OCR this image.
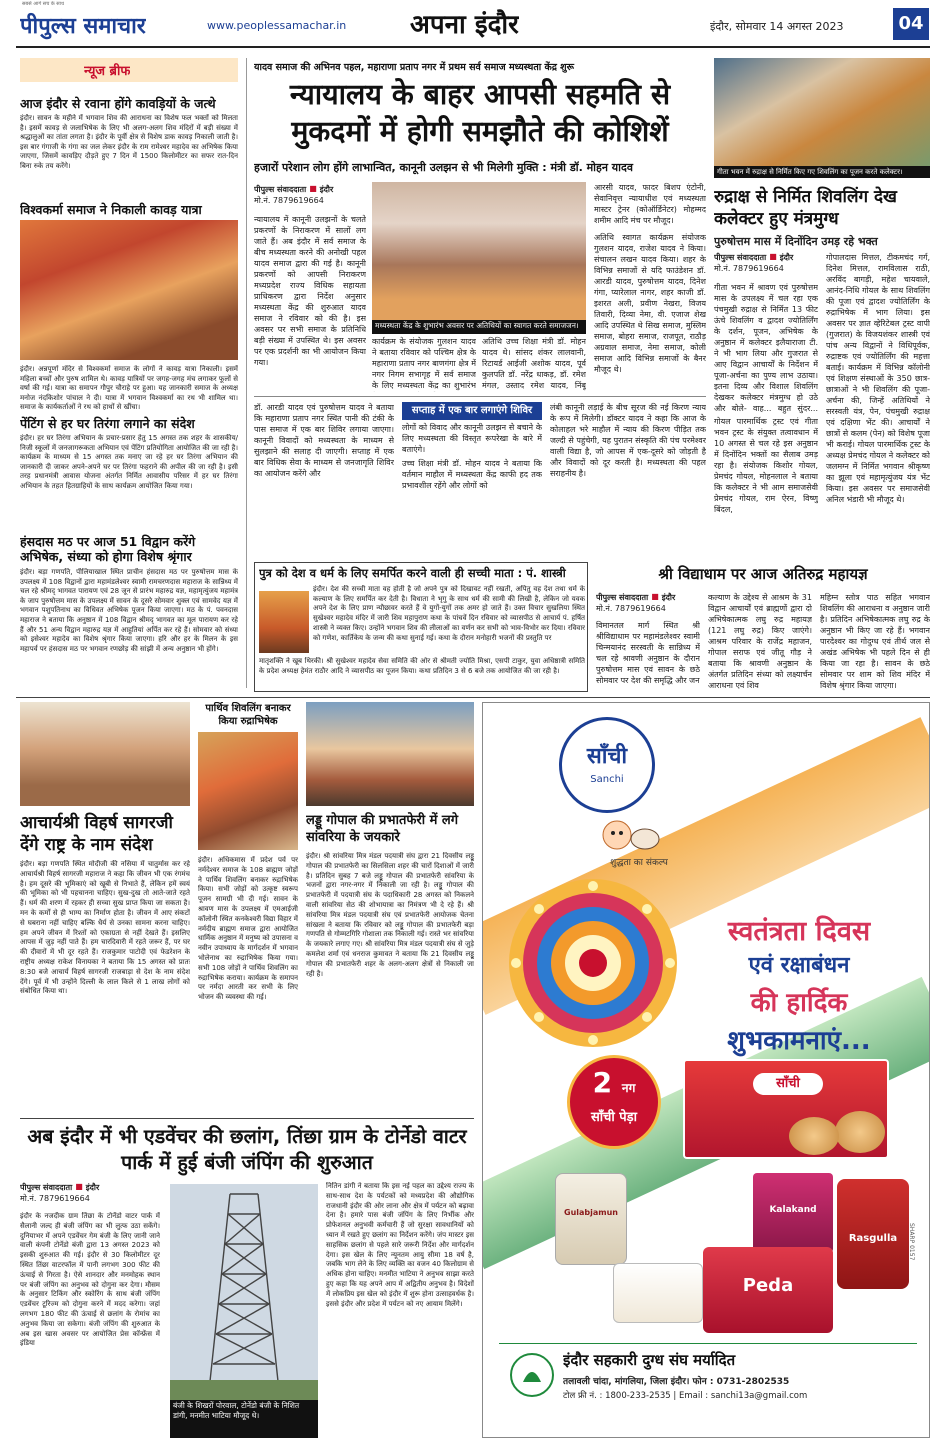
सबसे आगे सच के साथ
पीपुल्स समाचार	www.peoplessamachar.in अपना इंदौर	इंदौर, सोमवार 14 अगस्त 2023	04
न्यूज ब्रीफ
आज इंदौर से रवाना होंगे कावड़ियों के जत्थे
इंदौर। सावन के महीने में भगवान शिव की आराधना का विशेष फल भक्तों को मिलता है। इसमें कावड़ से जलाभिषेक के लिए भी अलग-अलग शिव मंदिरों में बड़ी संख्या में श्रद्धालुओं का तांता लगता है। इंदौर के पूर्वी क्षेत्र से विशेष डाक कावड़ निकाली जाती है। इस बार गंगाजी के गंगा का जल लेकर इंदौर के राम रामेश्वर महादेव का अभिषेक किया जाएगा, जिसमें कावड़िए दौड़ते हुए 7 दिन में 1500 किलोमीटर का सफर रात-दिन बिना रुके तय करेंगे।
विश्वकर्मा समाज ने निकाली कावड़ यात्रा
इंदौर। अन्नपूर्णा मंदिर से विश्वकर्मा समाज के लोगों ने कावड़ यात्रा निकाली। इसमें महिला बच्चों और पुरुष शामिल थे। कावड़ यात्रियों पर जगह-जगह मंच लगाकर फूलों से वर्षा की गई। यात्रा का समापन गौपुर चौराहे पर हुआ। यह जानकारी समाज के अध्यक्ष मनोज नंदकिशोर पांचाल ने दी। यात्रा में भगवान विश्वकर्मा का रथ भी शामिल था। समाज के कार्यकर्ताओं ने रथ को हाथों से खींचा।
पेंटिंग से हर घर तिरंगा लगाने का संदेश
इंदौर। हर घर तिरंगा अभियान के प्रचार-प्रसार हेतु 15 अगस्त तक शहर के शासकीय/निजी स्कूलों में जनजागरूकता अभियान एवं पेंटिंग प्रतियोगिता आयोजित की जा रही है। कार्यक्रम के माध्यम से 15 अगस्त तक मनाए जा रहे हर घर तिरंगा अभियान की जानकारी दी जाकर अपने-अपने घर पर तिरंगा फहराने की अपील की जा रही है। इसी तरह प्रधानमंत्री आवास योजना अंतर्गत निर्मित आवासीय परिसर में हर घर तिरंगा अभियान के तहत हितग्राहियों के साथ कार्यक्रम आयोजित किया गया।
हंसदास मठ पर आज 51 विद्वान करेंगे अभिषेक, संध्या को होगा विशेष श्रृंगार
इंदौर। बड़ा गणपति, पीलियाखाल स्थित प्राचीन हंसदास मठ पर पुरुषोत्तम मास के उपलक्ष्य में 108 विद्वानों द्वारा महामंडलेश्वर स्वामी रामचरणदास महाराज के सान्निध्य में चल रहे श्रीमद् भागवत पारायण एवं 28 जून से प्रारंभ महारुद्र यज्ञ, महामृत्युंजय महामंत्र के जाप पुरुषोत्तम मास के उपलक्ष्य में सावन के दूसरे सोमवार शुक्ल एवं सामवेद यज्ञ में भगवान पशुपतिनाथ का विधिवत अभिषेक पूजन किया जाएगा। मठ के पं. पवनदास महाराज ने बताया कि अनुष्ठान में 108 विद्वान श्रीमद् भागवत का मूल पारायण कर रहे हैं और 51 अन्य विद्वान महारुद्र यज्ञ में आहुतियां अर्पित कर रहे हैं। सोमवार को संध्या को इसेश्वर महादेव का विशेष श्रृंगार किया जाएगा। हरि और हर के मिलन के इस महापर्व पर हंसदास मठ पर भगवान रणछोड़ की सांझी में अन्य अनुष्ठान भी होंगे।
यादव समाज की अभिनव पहल, महाराणा प्रताप नगर में प्रथम सर्व समाज मध्यस्थता केंद्र शुरू
न्यायालय के बाहर आपसी सहमति से मुकदमों में होगी समझौते की कोशिशें
हजारों परेशान लोग होंगे लाभान्वित, कानूनी उलझन से भी मिलेगी मुक्ति : मंत्री डॉ. मोहन यादव
पीपुल्स संवाददाता ■ इंदौर
मो.नं. 7879619664
न्यायालय में कानूनी उलझनों के चलते प्रकरणों के निराकरण में सालों लग जाते हैं। अब इंदौर में सर्व समाज के बीच मध्यस्थता करने की अनोखी पहल यादव समाज द्वारा की गई है। कानूनी प्रकरणों को आपसी निराकरण मध्यप्रदेश राज्य विधिक सहायता प्राधिकरण द्वारा निर्देश अनुसार मध्यस्थता केंद्र की शुरुआत यादव समाज ने रविवार को की है। इस अवसर पर सभी समाज के प्रतिनिधि बड़ी संख्या में उपस्थित थे। इस अवसर पर एक प्रदर्शनी का भी आयोजन किया गया।
मध्यस्थता केंद्र के शुभारंभ अवसर पर अतिथियों का स्वागत करते समाजजन।
कार्यक्रम के संयोजक गुलशन यादव ने बताया रविवार को पश्चिम क्षेत्र के महाराणा प्रताप नगर बाणगंगा क्षेत्र में नगर निगम सभागृह में सर्व समाज के लिए मध्यस्थता केंद्र का शुभारंभ
अतिथि उच्च शिक्षा मंत्री डॉ. मोहन यादव थे। सांसद शंकर लालवानी, रिटायर्ड आईजी अशोक यादव, पूर्व कुलपति डॉ. नरेंद्र धाकड़, डॉ. रमेश मंगल, उस्ताद रमेश यादव, निंबू
आरसी यादव, फादर बिशप एंटोनी, सेवानिवृत्त न्यायाधीश एवं मध्यस्थता मास्टर ट्रेनर (कोऑर्डिनेटर) मोहम्मद शमीम आदि मंच पर मौजूद।
अतिथि स्वागत कार्यक्रम संयोजक गुलशन यादव, राजेश यादव ने किया। संचालन लखन यादव किया। शहर के विभिन्न समाजों से यदि फाउंडेशन डॉ. आरडी यादव, पुरुषोत्तम यादव, दिनेश गंगा, प्यारेलाल नागर, शहर काजी डॉ. इशरत अली, प्रवीण नेखरा, विजय तिवारी, दिव्या नेमा, वी. एजाज शेख आदि उपस्थित थे सिख समाज, मुस्लिम समाज, बोहरा समाज, राजपूत, राठौड़ अग्रवाल समाज, नेमा समाज, कोली समाज आदि विभिन्न समाजों के बैनर मौजूद थे।
डॉ. आरडी यादव एवं पुरुषोत्तम यादव ने बताया कि महाराणा प्रताप नगर स्थित पानी की टंकी के पास समाज में एक बार शिविर लगाया जाएगा। कानूनी विवादों को मध्यस्थता के माध्यम से सुलझाने की सलाह दी जाएगी। सप्ताह में एक बार विधिक सेवा के माध्यम से जनजागृति शिविर का आयोजन करेंगे और
सप्ताह में एक बार लगाएंगे शिविर
लोगों को विवाद और कानूनी उलझन से बचाने के लिए मध्यस्थता की विस्तृत रूपरेखा के बारे में बताएंगे।
उच्च शिक्षा मंत्री डॉ. मोहन यादव ने बताया कि वर्तमान माहौल में मध्यस्थता केंद्र काफी हद तक प्रभावशील रहेंगे और लोगों को
लंबी कानूनी लड़ाई के बीच सूरज की नई किरण न्याय के रूप में मिलेगी। डॉक्टर यादव ने कहा कि आज के कोलाहल भरे माहौल में न्याय की किरण पीड़ित तक जल्दी से पहुंचेगी, यह पुरातन संस्कृति की पंच परमेश्वर वाली विद्या है, जो आपस में एक-दूसरे को जोड़ती है और विवादों को दूर करती है। मध्यस्थता की पहल सराहनीय है।
गीता भवन में रुद्राक्ष से निर्मित किए गए शिवलिंग का पूजन करते कलेक्टर।
रुद्राक्ष से निर्मित शिवलिंग देख कलेक्टर हुए मंत्रमुग्ध
पुरुषोत्तम मास में दिनोंदिन उमड़ रहे भक्त
पीपुल्स संवाददाता ■ इंदौर
मो.नं. 7879619664
गीता भवन में श्रावण एवं पुरुषोत्तम मास के उपलक्ष्य में चल रहा एक पंचमुखी रुद्राक्ष से निर्मित 13 फीट ऊंचे शिवलिंग व द्वादश ज्योतिर्लिंग के दर्शन, पूजन, अभिषेक के अनुष्ठान में कलेक्टर इलैयाराजा टी. ने भी भाग लिया और गुजरात से आए विद्वान आचार्यों के निर्देशन में पूजा-अर्चना का पुण्य लाभ उठाया। इतना दिव्य और विशाल शिवलिंग देखकर कलेक्टर मंत्रमुग्ध हो उठे और बोले- वाह... बहुत सुंदर...
गोयल पारमार्थिक ट्रस्ट एवं गीता भवन ट्रस्ट के संयुक्त तत्वावधान में 10 अगस्त से चल रहे इस अनुष्ठान में दिनोंदिन भक्तों का सैलाब उमड़ रहा है। संयोजक किशोर गोयल, प्रेमचंद गोयल, मोहनलाल ने बताया कि कलेक्टर ने भी आम समाजसेवी प्रेमचंद गोयल, राम ऐरन, विष्णु बिंदल,
गोपालदास मित्तल, टीकमचंद गर्ग, दिनेश मित्तल, रामविलास राठी, अरविंद बागड़ी, महेश चायवाले, आनंद-निधि गोयल के साथ शिवलिंग की पूजा एवं द्वादश ज्योतिर्लिंग के रुद्राभिषेक में भाग लिया। इस अवसर पर ज्ञात व्हेरिटेबल ट्रस्ट वापी (गुजरात) के विजयशंकर शास्त्री एवं पांच अन्य विद्वानों ने विधिपूर्वक, रुद्राष्टक एवं ज्योतिर्लिंग की महत्ता बताई। कार्यक्रम में विभिन्न कॉलोनी एवं शिक्षण संस्थाओं के 350 छात्र-छात्राओं ने भी शिवलिंग की पूजा-अर्चना की, जिन्हें अतिथियों ने सरस्वती यंत्र, पेन, पंचमुखी रुद्राक्ष एवं दक्षिणा भेंट की। आचार्यों ने छात्रों से कलम (पेन) को विशेष पूजा भी कराई। गोयल पारमार्थिक ट्रस्ट के अध्यक्ष प्रेमचंद गोयल ने कलेक्टर को जलमग्न में निर्मित भगवान श्रीकृष्ण का झूला एवं महामृत्युंजय यंत्र भेंट किया। इस अवसर पर समाजसेवी अनिल भंडारी भी मौजूद थे।
पुत्र को देश व धर्म के लिए समर्पित करने वाली ही सच्ची माता : पं. शास्त्री
इंदौर। देश की सच्ची माता वह होती है जो अपने पुत्र को दिखावट नहीं रखती, अपितु वह देश तथा धर्म के कल्याण के लिए समर्पित कर देती है। विधाता ने भृगु के साथ धर्म की सामी की लिखी है, लेकिन जो यवक अपने देश के लिए प्राण न्यौछावर करते हैं वे युगों-युगों तक अमर हो जाते हैं। उक्त विचार सुखलिया स्थित सुखेश्वर महादेव मंदिर में जारी शिव महापुराण कथा के पांचवें दिन रविवार को व्यासपीठ से आचार्य पं. हर्षित शास्त्री ने व्यक्त किए। उन्होंने भगवान शिव की लीलाओं का वर्णन कर सभी को भाव-विभोर कर दिया। रविवार को गणेश, कार्तिकेय के जन्म की कथा सुनाई गई। कथा के दौरान मनोहारी भजनों की प्रस्तुति पर
मातृशक्ति ने खूब थिरकी। श्री सुखेश्वर महादेव सेवा समिति की ओर से श्रीमती ज्योति मिश्रा, एसपी टाकुर, युवा अधिष्ठात्री समिति के प्रदेश अध्यक्ष हेमंत राठौर आदि ने व्यासपीठ का पूजन किया। कथा प्रतिदिन 3 से 6 बजे तक आयोजित की जा रही है।
श्री विद्याधाम पर आज अतिरुद्र महायज्ञ
पीपुल्स संवाददाता ■ इंदौर
मो.नं. 7879619664
विमानतल मार्ग स्थित श्री श्रीविद्याधाम पर महामंडलेश्वर स्वामी चिन्मयानंद सरस्वती के सान्निध्य में चल रहे श्रावणी अनुष्ठान के दौरान पुरुषोत्तम मास एवं सावन के छठे सोमवार पर देश की समृद्धि और जन
कल्याण के उद्देश्य से आश्रम के 31 विद्वान आचार्यों एवं ब्राह्मणों द्वारा दो अभिषेकात्मक लघु रुद्र महायज्ञ (121 लघु रुद्र) किए जाएंगे। आश्रम परिवार के राजेंद्र महाजन, गोपाल सराफ एवं जीतू गौड़ ने बताया कि श्रावणी अनुष्ठान के अंतर्गत प्रतिदिन संध्या को लक्ष्यार्चन आराधना एवं शिव
महिम्न स्तोत्र पाठ सहित भगवान शिवलिंग की आराधना व अनुष्ठान जारी है। प्रतिदिन अभिषेकात्मक लघु रुद्र के अनुष्ठान भी किए जा रहे हैं। भगवान पारदेश्वर का गोदुग्ध एवं तीर्थ जल से अखंड अभिषेक भी पहले दिन से ही किया जा रहा है। सावन के छठे सोमवार पर शाम को शिव मंदिर में विशेष श्रृंगार किया जाएगा।
आचार्यश्री विहर्ष सागरजी देंगे राष्ट्र के नाम संदेश
इंदौर। बड़ा गणपति स्थित मोदीजी की नसिया में चातुर्मास कर रहे आचार्यश्री विहर्ष सागरजी महाराज ने कहा कि जीवन भी एक रंगमंच है। हम दूसरे की भूमिकाएं को खूबी से निभाते हैं, लेकिन हमें स्वयं की भूमिका को भी पहचानना चाहिए। सुख-दुख तो आते-जाते रहते हैं। धर्म की शरण में रहकर ही सच्चा सुख प्राप्त किया जा सकता है। मन के कर्मों से ही भाग्य का निर्माण होता है। जीवन में आए संकटों से घबराना नहीं चाहिए बल्कि धैर्य से उनका सामना करना चाहिए। हम अपने जीवन में रिश्तों को एकाग्रता से नहीं देखते हैं। इसलिए आपस में जुड़ नहीं पाते हैं। हम चारदिवारी में रहते जरूर हैं, पर घर की दीवारों में भी दूर रहते हैं। राजकुमार पाटोदी एवं फेडरेशन के राष्ट्रीय अध्यक्ष राकेश विनायका ने बताया कि 15 अगस्त को प्रातः 8:30 बजे आचार्य विहर्ष सागरजी राजबाड़ा से देश के नाम संदेश देंगे। पूर्व में भी उन्होंने दिल्ली के लाल किले से 1 लाख लोगों को संबोधित किया था।
पार्थिव शिवलिंग बनाकर किया रुद्राभिषेक
इंदौर। अधिकमास में प्रदेश पर्व पर नर्मदेश्वर समाज के 108 ब्राह्मण जोड़ों ने पार्थिव शिवलिंग बनाकर रुद्राभिषेक किया। सभी जोड़ों को उत्कृष्ट स्वरूप पूजन सामग्री भी दी गई। सावन के श्रावण मास के उपलक्ष्य में एमआईजी कॉलोनी स्थित कनकेश्वरी विद्या विहार में नर्मदीय ब्राह्मण समाज द्वारा आयोजित धार्मिक अनुष्ठान में मनुष्य को उपासना व नवीन उपाध्याय के मार्गदर्शन में भगवान भोलेनाथ का रुद्राभिषेक किया गया। सभी 108 जोड़ों ने पार्थिव शिवलिंग का रुद्राभिषेक कराया। कार्यक्रम के समापन पर नर्मदा आरती कर सभी के लिए भोजन की व्यवस्था की गई।
लड्डू गोपाल की प्रभातफेरी में लगे सांवरिया के जयकारे
इंदौर। श्री सांवरिया मित्र मंडल पदयात्री संघ द्वारा 21 दिवसीय लड्डू गोपाल की प्रभातफेरी का सिलसिला शहर की चारों दिशाओं में जारी है। प्रतिदिन सुबह 7 बजे लड्डू गोपाल की प्रभातफेरी सांवरिया के भजनों द्वारा नगर-नगर में निकाली जा रही है। लड्डू गोपाल की प्रभातफेरी में पदयात्री संघ के पदाधिकारी 28 अगस्त को निकलने वाली सांवरिया सेठ की शोभायात्रा का निमंत्रण भी दे रहे हैं। श्री सांवरिया मित्र मंडल पदयात्री संघ एवं प्रभातफेरी आयोजक चेतना सांखला ने बताया कि रविवार को लड्डू गोपाल की प्रभातफेरी बड़ा गणपति से गोम्मटगिरि गोशाला तक निकाली गई। रास्ते भर सांवरिया के जयकारे लगाए गए। श्री सांवरिया मित्र मंडल पदयात्री संघ से जुड़े कमलेश शर्मा एवं धनराज कुमावत ने बताया कि 21 दिवसीय लड्डू गोपाल की प्रभातफेरी शहर के अलग-अलग क्षेत्रों से निकाली जा रही है।
अब इंदौर में भी एडवेंचर की छलांग, तिंछा ग्राम के टोर्नेडो वाटर पार्क में हुई बंजी जंपिंग की शुरुआत
पीपुल्स संवाददाता ■ इंदौर
मो.नं. 7879619664
इंदौर के नजदीक ग्राम तिंछा के टोर्नेडो वाटर पार्क में सैलानी जल्द ही बंजी जंपिंग का भी लुत्फ उठा सकेंगे। दुनियाभर में अपने एडवेंचर गेम बंजी के लिए जानी जाने वाली कंपनी टोर्नेडो बंजी द्वारा 13 अगस्त 2023 को इसकी शुरुआत की गई। इंदौर से 30 किलोमीटर दूर स्थित तिंछा वाटरफॉल में पानी लगभग 300 फीट की ऊंचाई से गिरता है। ऐसे शानदार और मनमोहक स्थान पर बंजी जंपिंग का अनुभव को दोगुना कर देगा। मौसम के अनुसार टिकिंग और स्कोरिंग के साथ बंजी जंपिंग एडवेंचर टूरिज्म को दोगुना करने में मदद करेगा। जहां लगभग 180 फीट की ऊंचाई से छलांग के रोमांच का अनुभव किया जा सकेगा। बंजी जंपिंग की शुरुआत के अब इस खास अवसर पर आयोजित प्रेस कॉन्फ्रेंस में इंडिया
बंजी के शिखरों पोरवाल, टोर्नेडो बंजी के निशित डांगी, मनमीत भाटिया मौजूद थे।
नितिन डांगी ने बताया कि इस नई पहल का उद्देश्य राज्य के साथ-साथ देश के पर्यटकों को मध्यप्रदेश की औद्योगिक राजधानी इंदौर की ओर लाना और क्षेत्र में पर्यटन को बढ़ावा देना है। हमारे पास बंजी जंपिंग के लिए निर्भीक और प्रोफेशनल अनुभवी कर्मचारी हैं जो सुरक्षा सावधानियों को ध्यान में रखते हुए छलांग का निर्देशन करेंगे। जंप मास्टर इस साहसिक छलांग से पहले सारे जरूरी निर्देश और मार्गदर्शन देगा। इस खेल के लिए न्यूनतम आयु सीमा 18 वर्ष है, जबकि भाग लेने के लिए व्यक्ति का वजन 40 किलोग्राम से अधिक होना चाहिए। मनमीत भाटिया ने अनुभव साझा करते हुए कहा कि यह अपने आप में अद्वितीय अनुभव है। विदेशों में लोकप्रिय इस खेल को इंदौर में शुरू होना उत्साहवर्धक है। इससे इंदौर और प्रदेश में पर्यटन को नए आयाम मिलेंगे।
साँची
Sanchi
शुद्धता का संकल्प
स्वतंत्रता दिवस
एवं रक्षाबंधन
की हार्दिक
शुभकामनाएं...
2 नग
साँची पेड़ा
साँची
Gulabjamun	Kalakand
Rasgulla
Peda
SHARP 0157
इंदौर सहकारी दुग्ध संघ मर्यादित
तलावली चांदा, मांगलिया, जिला इंदौर। फोन : 0731-2802535
टोल फ्री नं. : 1800-233-2535 | Email : sanchi13a@gmail.com
